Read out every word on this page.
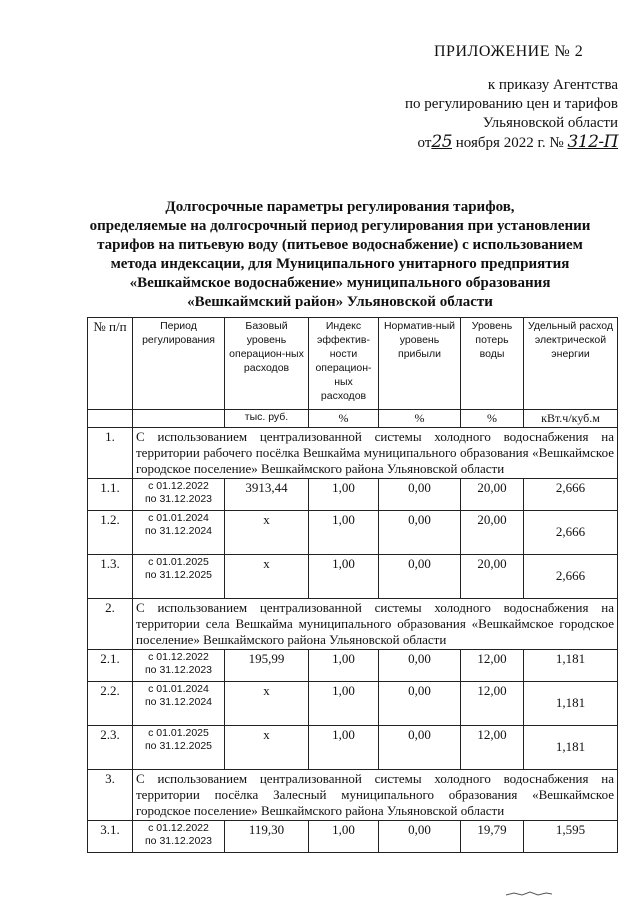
ПРИЛОЖЕНИЕ № 2
к приказу Агентства
по регулированию цен и тарифов
Ульяновской области
от25 ноября 2022 г. № 312-П
Долгосрочные параметры регулирования тарифов,
определяемые на долгосрочный период регулирования при установлении
тарифов на питьевую воду (питьевое водоснабжение) с использованием
метода индексации, для Муниципального унитарного предприятия
«Вешкаймское водоснабжение» муниципального образования
«Вешкаймский район» Ульяновской области
№ п/п	Период регулирования	Базовый уровень операцион-ных расходов	Индекс эффектив-ности операцион-ных расходов	Норматив-ный уровень прибыли	Уровень потерь воды	Удельный расход электрической энергии
		тыс. руб.	%	%	%	кВт.ч/куб.м
1.	С использованием централизованной системы холодного водоснабжения на территории рабочего посёлка Вешкайма муниципального образования «Вешкаймское городское поселение» Вешкаймского района Ульяновской области					
1.1.	с 01.12.2022
по 31.12.2023	3913,44	1,00	0,00	20,00	2,666
1.2.	с 01.01.2024
по 31.12.2024	х	1,00	0,00	20,00	2,666
1.3.	с 01.01.2025
по 31.12.2025	х	1,00	0,00	20,00	2,666
2.	С использованием централизованной системы холодного водоснабжения на территории села Вешкайма муниципального образования «Вешкаймское городское поселение» Вешкаймского района Ульяновской области					
2.1.	с 01.12.2022
по 31.12.2023	195,99	1,00	0,00	12,00	1,181
2.2.	с 01.01.2024
по 31.12.2024	х	1,00	0,00	12,00	1,181
2.3.	с 01.01.2025
по 31.12.2025	х	1,00	0,00	12,00	1,181
3.	С использованием централизованной системы холодного водоснабжения на территории посёлка Залесный муниципального образования «Вешкаймское городское поселение» Вешкаймского района Ульяновской области					
3.1.	с 01.12.2022
по 31.12.2023	119,30	1,00	0,00	19,79	1,595
